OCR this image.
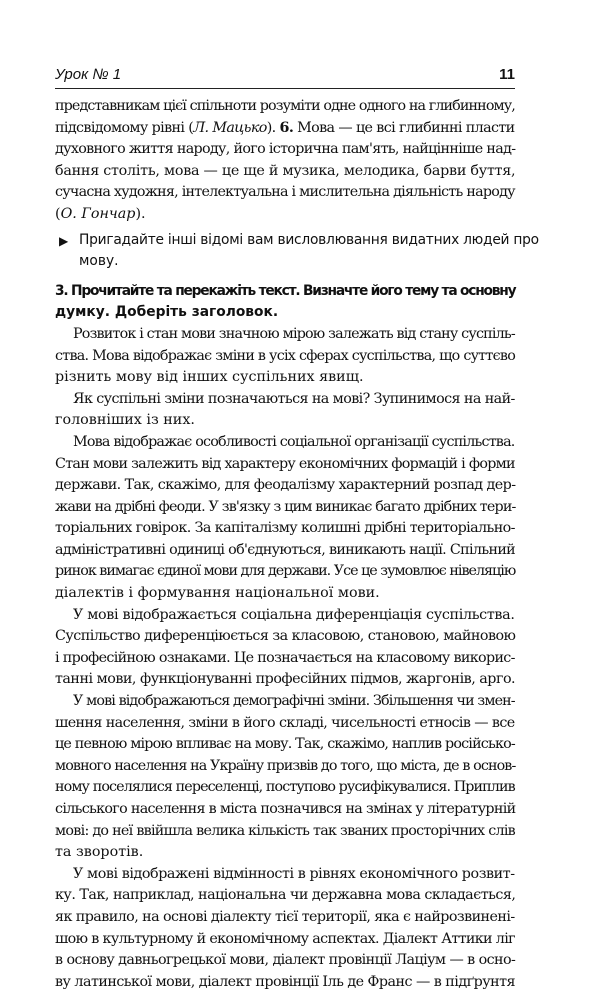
Урок № 1	11
представникам цієї спільноти розуміти одне одного на глибинному,
підсвідомому рівні (Л. Мацько). 6. Мова — це всі глибинні пласти
духовного життя народу, його історична пам'ять, найцінніше над-
бання століть, мова — це ще й музика, мелодика, барви буття,
сучасна художня, інтелектуальна і мислительна діяльність народу
(О. Гончар).
▶ Пригадайте інші відомі вам висловлювання видатних людей про
мову.
3. Прочитайте та перекажіть текст. Визначте його тему та основну
думку. Доберіть заголовок.
Розвиток і стан мови значною мірою залежать від стану суспіль-
ства. Мова відображає зміни в усіх сферах суспільства, що суттєво
різнить мову від інших суспільних явищ.
Як суспільні зміни позначаються на мові? Зупинимося на най-
головніших із них.
Мова відображає особливості соціальної організації суспільства.
Стан мови залежить від характеру економічних формацій і форми
держави. Так, скажімо, для феодалізму характерний розпад дер-
жави на дрібні феоди. У зв'язку з цим виникає багато дрібних тери-
торіальних говірок. За капіталізму колишні дрібні територіально-
адміністративні одиниці об'єднуються, виникають нації. Спільний
ринок вимагає єдиної мови для держави. Усе це зумовлює нівеляцію
діалектів і формування національної мови.
У мові відображається соціальна диференціація суспільства.
Суспільство диференціюється за класовою, становою, майновою
і професійною ознаками. Це позначається на класовому викорис-
танні мови, функціонуванні професійних підмов, жаргонів, арго.
У мові відображаються демографічні зміни. Збільшення чи змен-
шення населення, зміни в його складі, чисельності етносів — все
це певною мірою впливає на мову. Так, скажімо, наплив російсько-
мовного населення на Україну призвів до того, що міста, де в основ-
ному поселялися переселенці, поступово русифікувалися. Приплив
сільського населення в міста позначився на змінах у літературній
мові: до неї ввійшла велика кількість так званих просторічних слів
та зворотів.
У мові відображені відмінності в рівнях економічного розвит-
ку. Так, наприклад, національна чи державна мова складається,
як правило, на основі діалекту тієї території, яка є найрозвинені-
шою в культурному й економічному аспектах. Діалект Аттики ліг
в основу давньогрецької мови, діалект провінції Лаціум — в осно-
ву латинської мови, діалект провінції Іль де Франс — в підґрунтя
